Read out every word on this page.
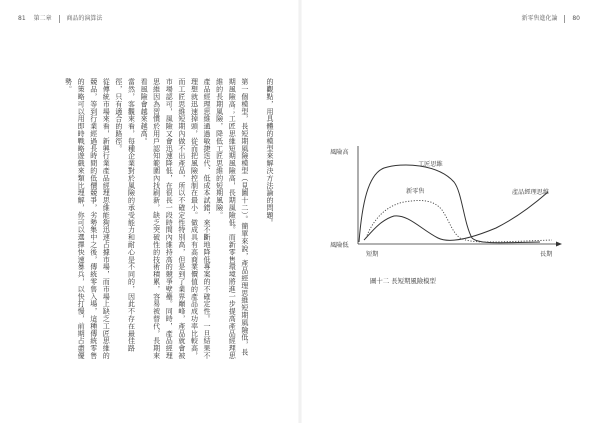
81 第二章 商品的演算法

的觀點，用具體的模型來解決方法論的問題。

第一個模型，長短期風險模型（見圖十二）。簡單來說，產品經理思維短期風險低，長期風險高；工匠思維短期風險高，長期風險低。而新零售環境將進一步提高產品經理思維的長期風險，降低工匠思維的短期風險。

產品經理思維通過敏捷迭代、低成本試錯，來不斷地降低專案的不確定性。一旦結果不理想就迅速掉頭，從而把風險控制在最小。做成具有高商業價值的產品成功率比較高，而工匠思維短期內做不出產品，所以不確定性特別高，但是到了業界巔峰，產品就會被市場認可，風險又會迅速降低，在很長一段時間內維持高的競爭壁壘。同時，產品經理思維因為習慣於用戶認知範圍內找刷新，缺乏突破性的技術積累，容易被替代，長期來看風險會越來越高。

當然，客觀來看，每種企業對於風險的承受能力和耐心是不同的，因此不存在最佳路徑，只有適合的路徑。

從傳統市場來看，新興行業產品經理思維能夠迅速占據市場，而市場上缺乏工匠思維的競品，等到行業經過長時間的低價競爭，劣勢集中之後，傳統零售入場，這種傳統零售的策略可以用即時戰略遊戲來類比理解，你可以選擇快速暴兵，以快打慢，前期占盡優勢。

新零售進化論 80
風險高
風險低
短期	長期
工匠思維
新零售	產品經理思維
圖十二 長短期風險模型
